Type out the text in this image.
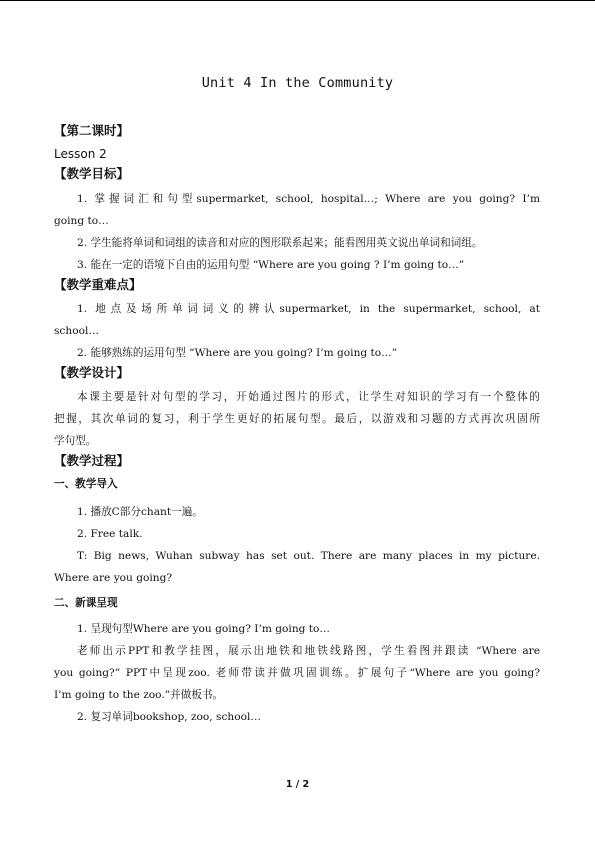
Unit 4 In the Community
【第二课时】
Lesson 2
【教学目标】
1. 掌握词汇和句型supermarket, school, hospital…; Where are you going? I’m
going to…
2. 学生能将单词和词组的读音和对应的图形联系起来；能看图用英文说出单词和词组。
3. 能在一定的语境下自由的运用句型 “Where are you going ? I’m going to…”
【教学重难点】
1. 地点及场所单词词义的辨认supermarket, in the supermarket, school, at
school…
2. 能够熟练的运用句型 “Where are you going? I’m going to…”
【教学设计】
本课主要是针对句型的学习，开始通过图片的形式，让学生对知识的学习有一个整体的
把握，其次单词的复习，利于学生更好的拓展句型。最后，以游戏和习题的方式再次巩固所
学句型。
【教学过程】
一、教学导入
1. 播放C部分chant一遍。
2. Free talk.
T: Big news, Wuhan subway has set out. There are many places in my picture.
Where are you going?
二、新课呈现
1. 呈现句型Where are you going? I’m going to…
老师出示PPT和教学挂图，展示出地铁和地铁线路图，学生看图并跟读 “Where are
you going?” PPT中呈现zoo. 老师带读并做巩固训练。扩展句子“Where are you going?
I’m going to the zoo.”并做板书。
2. 复习单词bookshop, zoo, school…
1 / 2
